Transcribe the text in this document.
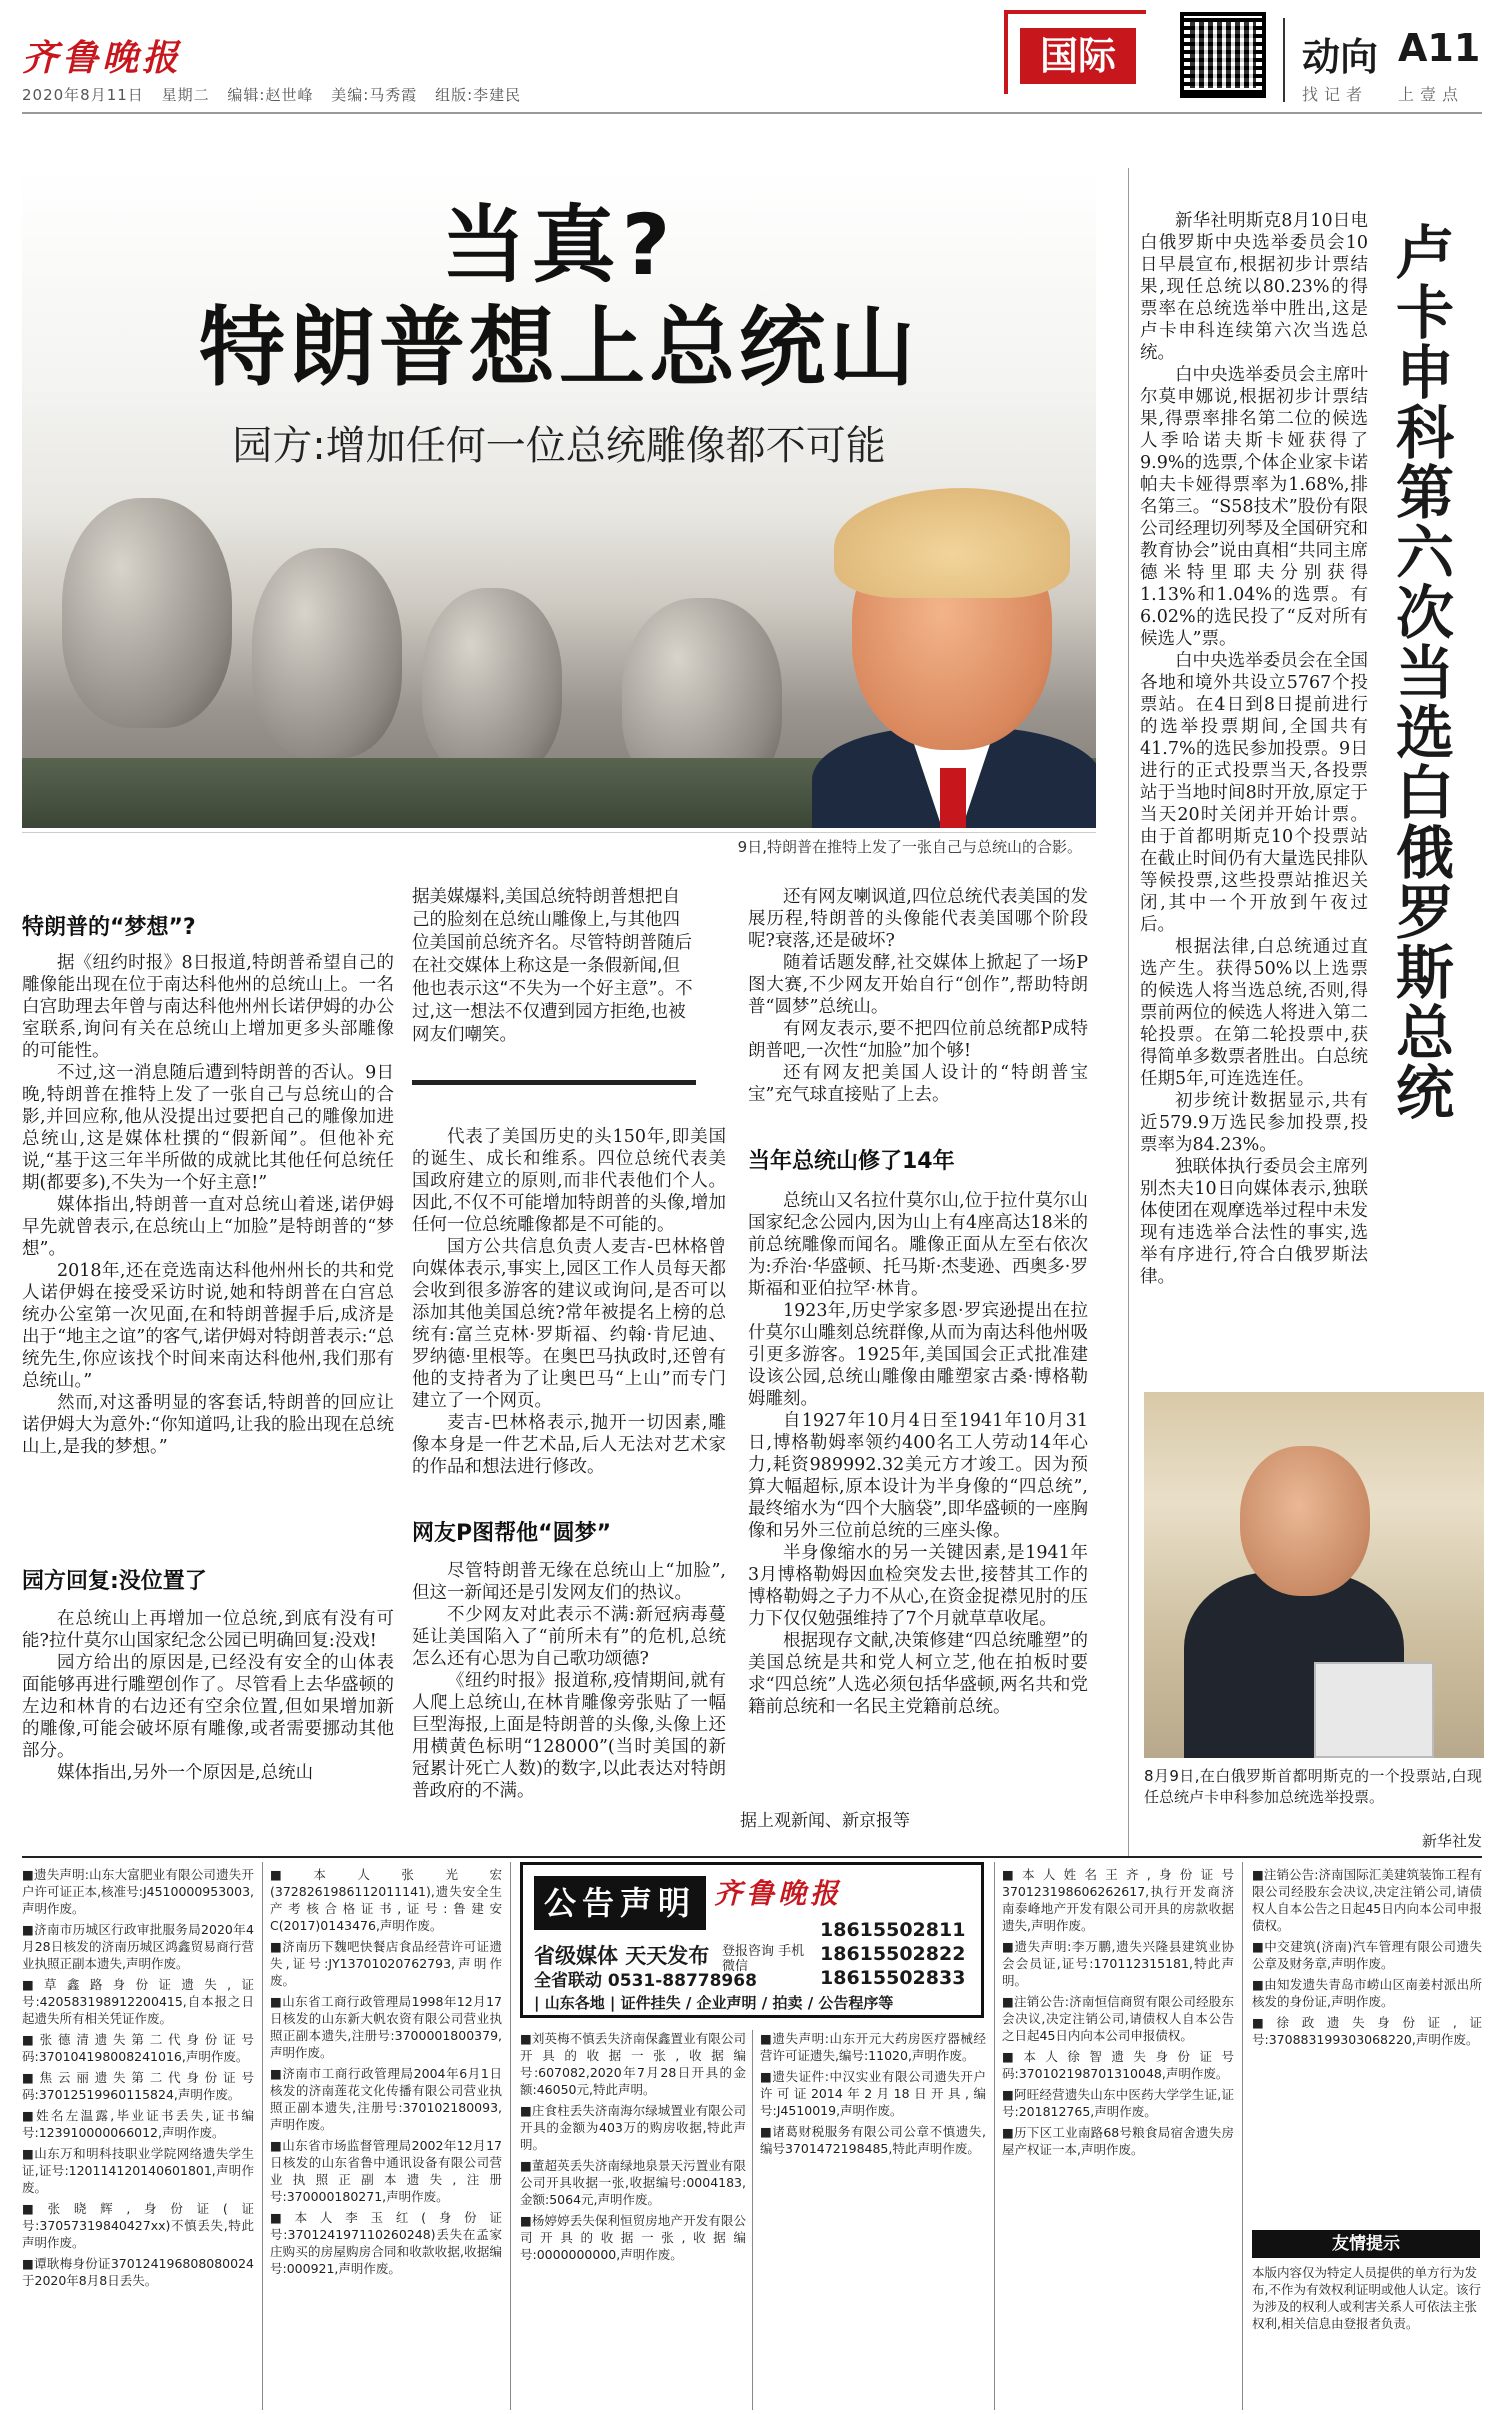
齐鲁晚报
2020年8月11日 星期二 编辑:赵世峰 美编:马秀霞 组版:李建民
国际	动向 A11
找记者 上壹点
当真?
特朗普想上总统山
园方:增加任何一位总统雕像都不可能
9日,特朗普在推特上发了一张自己与总统山的合影。
特朗普的“梦想”?

据《纽约时报》8日报道,特朗普希望自己的雕像能出现在位于南达科他州的总统山上。一名白宫助理去年曾与南达科他州州长诺伊姆的办公室联系,询问有关在总统山上增加更多头部雕像的可能性。

不过,这一消息随后遭到特朗普的否认。9日晚,特朗普在推特上发了一张自己与总统山的合影,并回应称,他从没提出过要把自己的雕像加进总统山,这是媒体杜撰的“假新闻”。但他补充说,“基于这三年半所做的成就比其他任何总统任期(都要多),不失为一个好主意!”

媒体指出,特朗普一直对总统山着迷,诺伊姆早先就曾表示,在总统山上“加脸”是特朗普的“梦想”。

2018年,还在竞选南达科他州州长的共和党人诺伊姆在接受采访时说,她和特朗普在白宫总统办公室第一次见面,在和特朗普握手后,成济是出于“地主之谊”的客气,诺伊姆对特朗普表示:“总统先生,你应该找个时间来南达科他州,我们那有总统山。”

然而,对这番明显的客套话,特朗普的回应让诺伊姆大为意外:“你知道吗,让我的脸出现在总统山上,是我的梦想。”

园方回复:没位置了

在总统山上再增加一位总统,到底有没有可能?拉什莫尔山国家纪念公园已明确回复:没戏!

园方给出的原因是,已经没有安全的山体表面能够再进行雕塑创作了。尽管看上去华盛顿的左边和林肯的右边还有空余位置,但如果增加新的雕像,可能会破坏原有雕像,或者需要挪动其他部分。

媒体指出,另外一个原因是,总统山

据美媒爆料,美国总统特朗普想把自己的脸刻在总统山雕像上,与其他四位美国前总统齐名。尽管特朗普随后在社交媒体上称这是一条假新闻,但他也表示这“不失为一个好主意”。不过,这一想法不仅遭到园方拒绝,也被网友们嘲笑。

代表了美国历史的头150年,即美国的诞生、成长和维系。四位总统代表美国政府建立的原则,而非代表他们个人。因此,不仅不可能增加特朗普的头像,增加任何一位总统雕像都是不可能的。

国方公共信息负责人麦吉-巴林格曾向媒体表示,事实上,园区工作人员每天都会收到很多游客的建议或询问,是否可以添加其他美国总统?常年被提名上榜的总统有:富兰克林·罗斯福、约翰·肯尼迪、罗纳德·里根等。在奥巴马执政时,还曾有他的支持者为了让奥巴马“上山”而专门建立了一个网页。

麦吉-巴林格表示,抛开一切因素,雕像本身是一件艺术品,后人无法对艺术家的作品和想法进行修改。

网友P图帮他“圆梦”

尽管特朗普无缘在总统山上“加脸”,但这一新闻还是引发网友们的热议。

不少网友对此表示不满:新冠病毒蔓延让美国陷入了“前所未有”的危机,总统怎么还有心思为自己歌功颂德?

《纽约时报》报道称,疫情期间,就有人爬上总统山,在林肯雕像旁张贴了一幅巨型海报,上面是特朗普的头像,头像上还用横黄色标明“128000”(当时美国的新冠累计死亡人数)的数字,以此表达对特朗普政府的不满。

还有网友喇讽道,四位总统代表美国的发展历程,特朗普的头像能代表美国哪个阶段呢?衰落,还是破坏?

随着话题发酵,社交媒体上掀起了一场P图大赛,不少网友开始自行“创作”,帮助特朗普“圆梦”总统山。

有网友表示,要不把四位前总统都P成特朗普吧,一次性“加脸”加个够!

还有网友把美国人设计的“特朗普宝宝”充气球直接贴了上去。

当年总统山修了14年

总统山又名拉什莫尔山,位于拉什莫尔山国家纪念公园内,因为山上有4座高达18米的前总统雕像而闻名。雕像正面从左至右依次为:乔治·华盛顿、托马斯·杰斐逊、西奥多·罗斯福和亚伯拉罕·林肯。

1923年,历史学家多恩·罗宾逊提出在拉什莫尔山雕刻总统群像,从而为南达科他州吸引更多游客。1925年,美国国会正式批准建设该公园,总统山雕像由雕塑家古桑·博格勒姆雕刻。

自1927年10月4日至1941年10月31日,博格勒姆率领约400名工人劳动14年心力,耗资989992.32美元方才竣工。因为预算大幅超标,原本设计为半身像的“四总统”,最终缩水为“四个大脑袋”,即华盛顿的一座胸像和另外三位前总统的三座头像。

半身像缩水的另一关键因素,是1941年3月博格勒姆因血检突发去世,接替其工作的博格勒姆之子力不从心,在资金捉襟见肘的压力下仅仅勉强维持了7个月就草草收尾。

根据现存文献,决策修建“四总统雕塑”的美国总统是共和党人柯立芝,他在拍板时要求“四总统”人选必须包括华盛顿,两名共和党籍前总统和一名民主党籍前总统。

据上观新闻、新京报等
卢卡申科第六次当选白俄罗斯总统

新华社明斯克8月10日电 白俄罗斯中央选举委员会10日早晨宣布,根据初步计票结果,现任总统以80.23%的得票率在总统选举中胜出,这是卢卡申科连续第六次当选总统。

白中央选举委员会主席叶尔莫申娜说,根据初步计票结果,得票率排名第二位的候选人季哈诺夫斯卡娅获得了9.9%的选票,个体企业家卡诺帕夫卡娅得票率为1.68%,排名第三。“S58技术”股份有限公司经理切列琴及全国研究和教育协会”说由真相“共同主席德米特里耶夫分别获得1.13%和1.04%的选票。有6.02%的选民投了“反对所有候选人”票。

白中央选举委员会在全国各地和境外共设立5767个投票站。在4日到8日提前进行的选举投票期间,全国共有41.7%的选民参加投票。9日进行的正式投票当天,各投票站于当地时间8时开放,原定于当天20时关闭并开始计票。由于首都明斯克10个投票站在截止时间仍有大量选民排队等候投票,这些投票站推迟关闭,其中一个开放到午夜过后。

根据法律,白总统通过直选产生。获得50%以上选票的候选人将当选总统,否则,得票前两位的候选人将进入第二轮投票。在第二轮投票中,获得简单多数票者胜出。白总统任期5年,可连选连任。

初步统计数据显示,共有近579.9万选民参加投票,投票率为84.23%。

独联体执行委员会主席列别杰夫10日向媒体表示,独联体使团在观摩选举过程中未发现有违选举合法性的事实,选举有序进行,符合白俄罗斯法律。

8月9日,在白俄罗斯首都明斯克的一个投票站,白现任总统卢卡申科参加总统选举投票。
新华社发
■遗失声明:山东大富肥业有限公司遗失开户许可证正本,核准号:J4510000953003,声明作废。
■济南市历城区行政审批服务局2020年4月28日核发的济南历城区鸿鑫贸易商行营业执照正副本遗失,声明作废。
■草鑫路身份证遗失,证号:420583198912200415,自本报之日起遗失所有相关凭证作废。
■张德清遗失第二代身份证号码:370104198008241016,声明作废。
■焦云丽遗失第二代身份证号码:37012519960115824,声明作废。
■姓名左温露,毕业证书丢失,证书编号:123910000066012,声明作废。
■山东万和明科技职业学院网络遗失学生证,证号:120114120140601801,声明作废。
■张晓辉,身份证(证号:37057319840427xx)不慎丢失,特此声明作废。
■谭耿梅身份证370124196808080024于2020年8月8日丢失。
■本人张光宏(3728261986112011141),遗失安全生产考核合格证书,证号:鲁建安C(2017)0143476,声明作废。
■济南历下魏吧快餐店食品经营许可证遗失,证号:JY13701020762793,声明作废。
■山东省工商行政管理局1998年12月17日核发的山东新大帆农资有限公司营业执照正副本遗失,注册号:3700001800379,声明作废。
■济南市工商行政管理局2004年6月1日核发的济南莲花文化传播有限公司营业执照正副本遗失,注册号:370102180093,声明作废。
■山东省市场监督管理局2002年12月17日核发的山东省鲁中通讯设备有限公司营业执照正副本遗失,注册号:370000180271,声明作废。
■本人李玉红(身份证号:370124197110260248)丢失在孟家庄购买的房屋购房合同和收款收据,收据编号:000921,声明作废。
公告声明 齐鲁晚报
省级媒体 天天发布 登报咨询 手机微信
全省联动 0531-88778968
18615502811
18615502822
18615502833
| 山东各地 | 证件挂失 / 企业声明 / 拍卖 / 公告程序等
■刘英梅不慎丢失济南保鑫置业有限公司开具的收据一张,收据编号:607082,2020年7月28日开具的金额:46050元,特此声明。
■庄食柱丢失济南海尔绿城置业有限公司开具的金额为403万的购房收据,特此声明。
■董超英丢失济南绿地泉景天污置业有限公司开具收据一张,收据编号:0004183,金额:5064元,声明作废。
■杨婷婷丢失保利恒贸房地产开发有限公司开具的收据一张,收据编号:0000000000,声明作废。
■遗失声明:山东开元大药房医疗器械经营许可证遗失,编号:11020,声明作废。
■遗失证件:中汉实业有限公司遗失开户许可证2014年2月18日开具,编号:J4510019,声明作废。
■诸葛财税服务有限公司公章不慎遗失,编号3701472198485,特此声明作废。
■本人姓名王齐,身份证号370123198606262617,执行开发商济南泰峰地产开发有限公司开具的房款收据遗失,声明作废。
■遗失声明:李万鹏,遗失兴隆县建筑业协会会员证,证号:170112315181,特此声明。
■注销公告:济南恒信商贸有限公司经股东会决议,决定注销公司,请债权人自本公告之日起45日内向本公司申报债权。
■本人徐智遗失身份证号码:370102198701310048,声明作废。
■阿旺经营遗失山东中医药大学学生证,证号:201812765,声明作废。
■历下区工业南路68号粮食局宿舍遗失房屋产权证一本,声明作废。
■注销公告:济南国际汇美建筑装饰工程有限公司经股东会决议,决定注销公司,请债权人自本公告之日起45日内向本公司申报债权。
■中交建筑(济南)汽车管理有限公司遗失公章及财务章,声明作废。
■由知发遗失青岛市崂山区南姜村派出所核发的身份证,声明作废。
■徐政遗失身份证,证号:370883199303068220,声明作废。
友情提示
本版内容仅为特定人员提供的单方行为发布,不作为有效权利证明或他人认定。该行为涉及的权利人或利害关系人可依法主张权利,相关信息由登报者负责。
